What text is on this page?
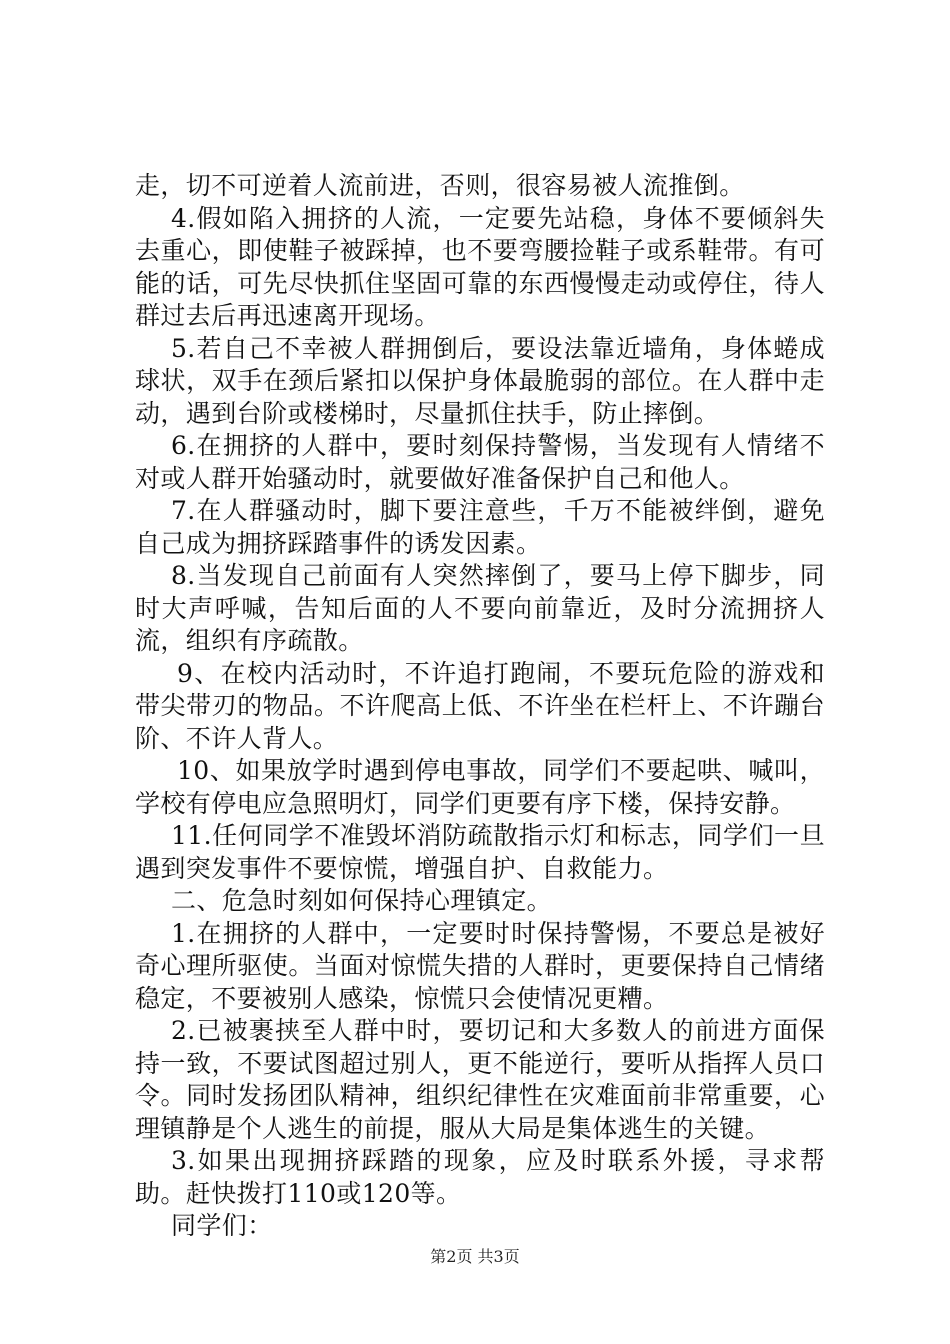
走，切不可逆着人流前进，否则，很容易被人流推倒。

4.假如陷入拥挤的人流，一定要先站稳，身体不要倾斜失去重心，即使鞋子被踩掉，也不要弯腰捡鞋子或系鞋带。有可能的话，可先尽快抓住坚固可靠的东西慢慢走动或停住，待人群过去后再迅速离开现场。

5.若自己不幸被人群拥倒后，要设法靠近墙角，身体蜷成球状，双手在颈后紧扣以保护身体最脆弱的部位。在人群中走动，遇到台阶或楼梯时，尽量抓住扶手，防止摔倒。

6.在拥挤的人群中，要时刻保持警惕，当发现有人情绪不对或人群开始骚动时，就要做好准备保护自己和他人。

7.在人群骚动时，脚下要注意些，千万不能被绊倒，避免自己成为拥挤踩踏事件的诱发因素。

8.当发现自己前面有人突然摔倒了，要马上停下脚步，同时大声呼喊，告知后面的人不要向前靠近，及时分流拥挤人流，组织有序疏散。

9、在校内活动时，不许追打跑闹，不要玩危险的游戏和带尖带刃的物品。不许爬高上低、不许坐在栏杆上、不许蹦台阶、不许人背人。

10、如果放学时遇到停电事故，同学们不要起哄、喊叫，学校有停电应急照明灯，同学们更要有序下楼，保持安静。

11.任何同学不准毁坏消防疏散指示灯和标志，同学们一旦遇到突发事件不要惊慌，增强自护、自救能力。

二、危急时刻如何保持心理镇定。

1.在拥挤的人群中，一定要时时保持警惕，不要总是被好奇心理所驱使。当面对惊慌失措的人群时，更要保持自己情绪稳定，不要被别人感染，惊慌只会使情况更糟。

2.已被裹挟至人群中时，要切记和大多数人的前进方面保持一致，不要试图超过别人，更不能逆行，要听从指挥人员口令。同时发扬团队精神，组织纪律性在灾难面前非常重要，心理镇静是个人逃生的前提，服从大局是集体逃生的关键。

3.如果出现拥挤踩踏的现象，应及时联系外援，寻求帮助。赶快拨打110或120等。

同学们：

第2页 共3页
